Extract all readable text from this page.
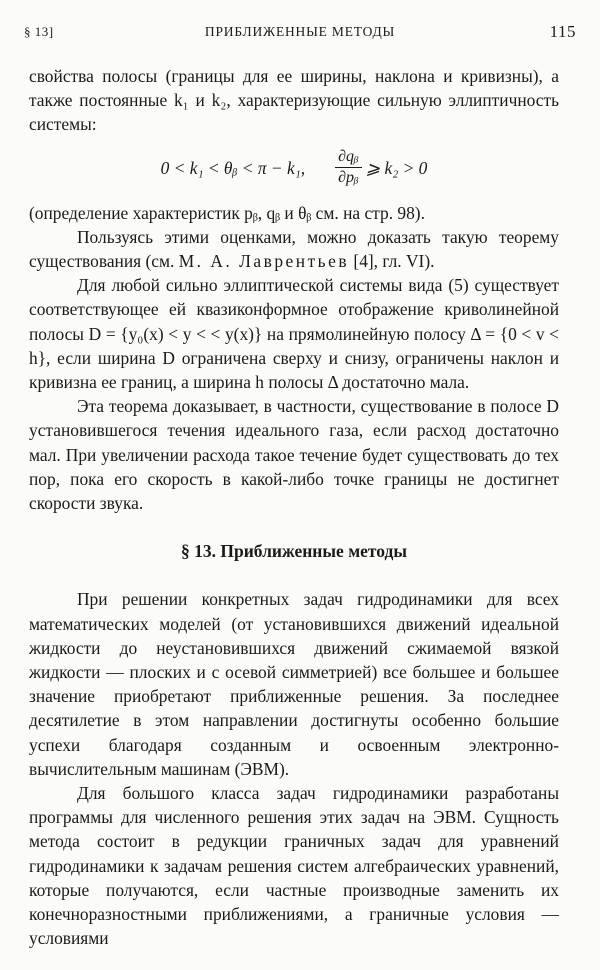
§ 13]	ПРИБЛИЖЕННЫЕ МЕТОДЫ	115

свойства полосы (границы для ее ширины, наклона и кривизны), а также постоянные k₁ и k₂, характеризующие сильную эллиптичность системы:

0 < k₁ < θᵦ < π − k₁, $\frac{\text{∂qᵦ}}{\text{∂pᵦ}}$ ⩾ k₂ > 0

(определение характеристик pᵦ, qᵦ и θᵦ см. на стр. 98).

Пользуясь этими оценками, можно доказать такую теорему существования (см. М. А. Лаврентьев [4], гл. VI).

Для любой сильно эллиптической системы вида (5) существует соответствующее ей квазиконформное отображение криволинейной полосы D = {y₀(x) < y < < y(x)} на прямолинейную полосу Δ = {0 < v < h}, если ширина D ограничена сверху и снизу, ограничены наклон и кривизна ее границ, а ширина h полосы Δ достаточно мала.

Эта теорема доказывает, в частности, существование в полосе D установившегося течения идеального газа, если расход достаточно мал. При увеличении расхода такое течение будет существовать до тех пор, пока его скорость в какой-либо точке границы не достигнет скорости звука.

§ 13. Приближенные методы

При решении конкретных задач гидродинамики для всех математических моделей (от установившихся движений идеальной жидкости до неустановившихся движений сжимаемой вязкой жидкости — плоских и с осевой симметрией) все большее и большее значение приобретают приближенные решения. За последнее десятилетие в этом направлении достигнуты особенно большие успехи благодаря созданным и освоенным электронно-вычислительным машинам (ЭВМ).

Для большого класса задач гидродинамики разработаны программы для численного решения этих задач на ЭВМ. Сущность метода состоит в редукции граничных задач для уравнений гидродинамики к задачам решения систем алгебраических уравнений, которые получаются, если частные производные заменить их конечноразностными приближениями, а граничные условия — условиями
